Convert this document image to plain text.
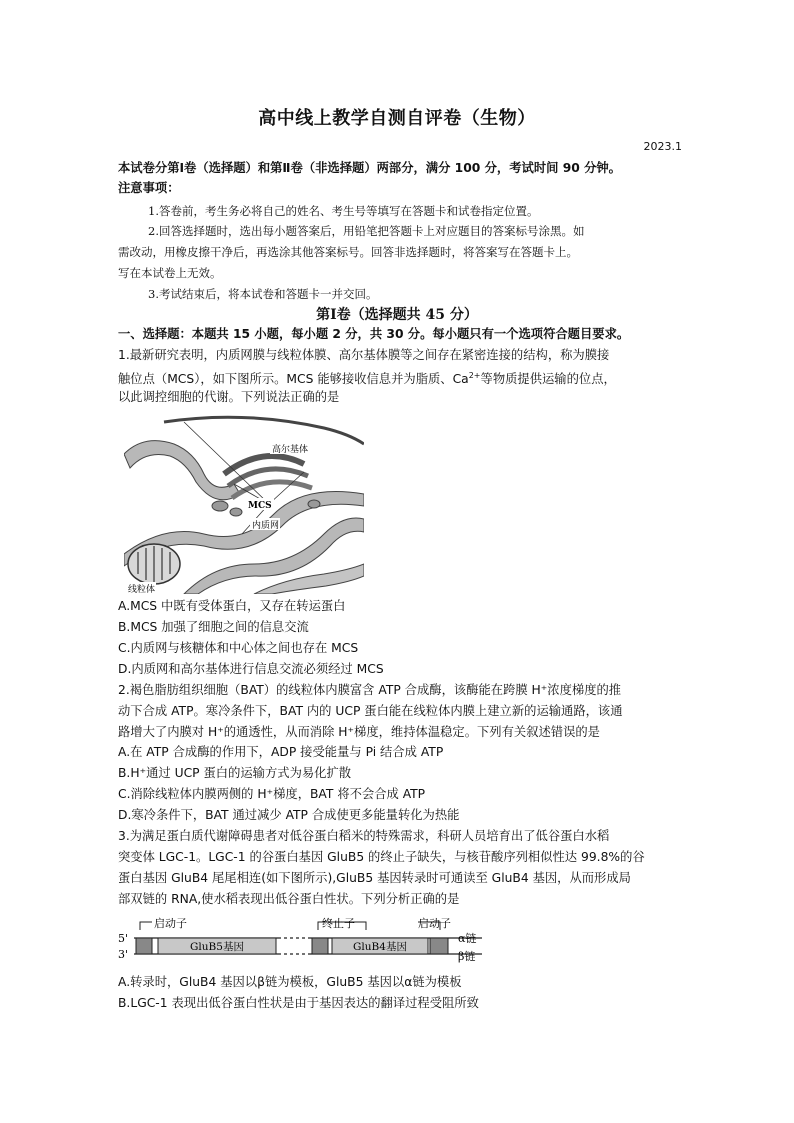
高中线上教学自测自评卷（生物）
2023.1
本试卷分第Ⅰ卷（选择题）和第Ⅱ卷（非选择题）两部分，满分 100 分，考试时间 90 分钟。
注意事项：
1.答卷前，考生务必将自己的姓名、考生号等填写在答题卡和试卷指定位置。
2.回答选择题时，选出每小题答案后，用铅笔把答题卡上对应题目的答案标号涂黑。如
需改动，用橡皮擦干净后，再选涂其他答案标号。回答非选择题时，将答案写在答题卡上。
写在本试卷上无效。
3.考试结束后，将本试卷和答题卡一并交回。
第Ⅰ卷（选择题共 45 分）
一、选择题：本题共 15 小题，每小题 2 分，共 30 分。每小题只有一个选项符合题目要求。
1.最新研究表明，内质网膜与线粒体膜、高尔基体膜等之间存在紧密连接的结构，称为膜接
触位点（MCS），如下图所示。MCS 能够接收信息并为脂质、$Ca^{2+}$等物质提供运输的位点，
以此调控细胞的代谢。下列说法正确的是
MCS
高尔基体
内质网
线粒体
A.MCS 中既有受体蛋白，又存在转运蛋白
B.MCS 加强了细胞之间的信息交流
C.内质网与核糖体和中心体之间也存在 MCS
D.内质网和高尔基体进行信息交流必须经过 MCS
2.褐色脂肪组织细胞（BAT）的线粒体内膜富含 ATP 合成酶，该酶能在跨膜 H⁺浓度梯度的推
动下合成 ATP。寒冷条件下，BAT 内的 UCP 蛋白能在线粒体内膜上建立新的运输通路，该通
路增大了内膜对 H⁺的通透性，从而消除 H⁺梯度，维持体温稳定。下列有关叙述错误的是
A.在 ATP 合成酶的作用下，ADP 接受能量与 Pi 结合成 ATP
B.H⁺通过 UCP 蛋白的运输方式为易化扩散
C.消除线粒体内膜两侧的 H⁺梯度，BAT 将不会合成 ATP
D.寒冷条件下，BAT 通过减少 ATP 合成使更多能量转化为热能
3.为满足蛋白质代谢障碍患者对低谷蛋白稻米的特殊需求，科研人员培育出了低谷蛋白水稻
突变体 LGC-1。LGC-1 的谷蛋白基因 GluB5 的终止子缺失，与核苷酸序列相似性达 99.8%的谷
蛋白基因 GluB4 尾尾相连(如下图所示),GluB5 基因转录时可通读至 GluB4 基因，从而形成局
部双链的 RNA,使水稻表现出低谷蛋白性状。下列分析正确的是
5'
3'
GluB5基因	GluB4基因
启动子	终止子	启动子
α链
β链
A.转录时，GluB4 基因以β链为模板，GluB5 基因以α链为模板
B.LGC-1 表现出低谷蛋白性状是由于基因表达的翻译过程受阻所致
